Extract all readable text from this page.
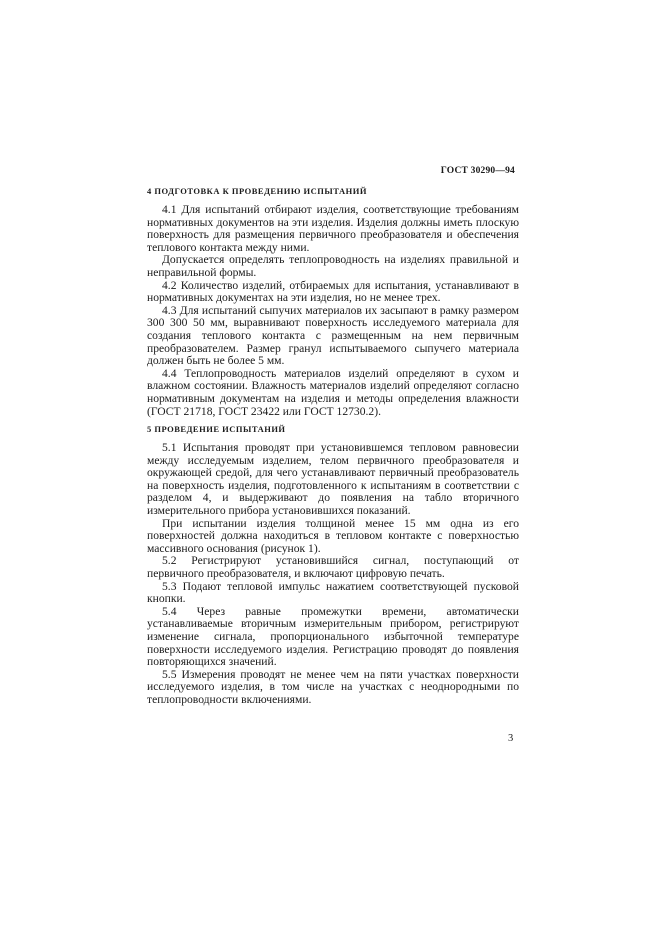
ГОСТ 30290—94

4 ПОДГОТОВКА К ПРОВЕДЕНИЮ ИСПЫТАНИЙ

4.1 Для испытаний отбирают изделия, соответствующие требованиям нормативных документов на эти изделия. Изделия должны иметь плоскую поверхность для размещения первичного преобразователя и обеспечения теплового контакта между ними.

Допускается определять теплопроводность на изделиях правильной и неправильной формы.

4.2 Количество изделий, отбираемых для испытания, устанавливают в нормативных документах на эти изделия, но не менее трех.

4.3 Для испытаний сыпучих материалов их засыпают в рамку размером 300 300 50 мм, выравнивают поверхность исследуемого материала для создания теплового контакта с размещенным на нем первичным преобразователем. Размер гранул испытываемого сыпучего материала должен быть не более 5 мм.

4.4 Теплопроводность материалов изделий определяют в сухом и влажном состоянии. Влажность материалов изделий определяют согласно нормативным документам на изделия и методы определения влажности (ГОСТ 21718, ГОСТ 23422 или ГОСТ 12730.2).

5 ПРОВЕДЕНИЕ ИСПЫТАНИЙ

5.1 Испытания проводят при установившемся тепловом равновесии между исследуемым изделием, телом первичного преобразователя и окружающей средой, для чего устанавливают первичный преобразователь на поверхность изделия, подготовленного к испытаниям в соответствии с разделом 4, и выдерживают до появления на табло вторичного измерительного прибора установившихся показаний.

При испытании изделия толщиной менее 15 мм одна из его поверхностей должна находиться в тепловом контакте с поверхностью массивного основания (рисунок 1).

5.2 Регистрируют установившийся сигнал, поступающий от первичного преобразователя, и включают цифровую печать.

5.3 Подают тепловой импульс нажатием соответствующей пусковой кнопки.

5.4 Через равные промежутки времени, автоматически устанавливаемые вторичным измерительным прибором, регистрируют изменение сигнала, пропорционального избыточной температуре поверхности исследуемого изделия. Регистрацию проводят до появления повторяющихся значений.

5.5 Измерения проводят не менее чем на пяти участках поверхности исследуемого изделия, в том числе на участках с неоднородными по теплопроводности включениями.

3
